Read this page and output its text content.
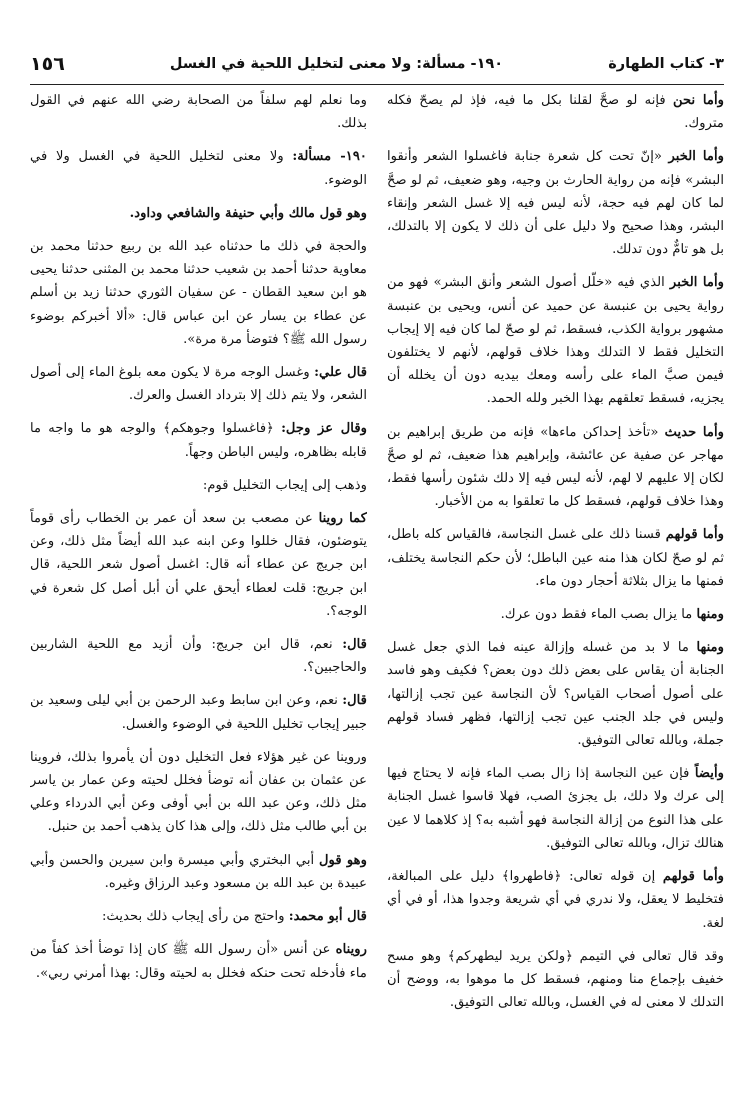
٣- كتاب الطهارة
١٩٠- مسألة: ولا معنى لتخليل اللحية في الغسل
١٥٦

وأما نحن فإنه لو صحَّ لقلنا بكل ما فيه، فإذ لم يصحّ فكله متروك.

وأما الخبر «إنّ تحت كل شعرة جنابة فاغسلوا الشعر وأنقوا البشر» فإنه من رواية الحارث بن وجيه، وهو ضعيف، ثم لو صحَّ لما كان لهم فيه حجة، لأنه ليس فيه إلا غسل الشعر وإنقاء البشر، وهذا صحيح ولا دليل على أن ذلك لا يكون إلا بالتدلك، بل هو تامٌّ دون تدلك.

وأما الخبر الذي فيه «خلّل أصول الشعر وأنق البشر» فهو من رواية يحيى بن عنبسة عن حميد عن أنس، ويحيى بن عنبسة مشهور برواية الكذب، فسقط، ثم لو صحّ لما كان فيه إلا إيجاب التخليل فقط لا التدلك وهذا خلاف قولهم، لأنهم لا يختلفون فيمن صبَّ الماء على رأسه ومعك بيديه دون أن يخلله أن يجزيه، فسقط تعلقهم بهذا الخبر ولله الحمد.

وأما حديث «تأخذ إحداكن ماءها» فإنه من طريق إبراهيم بن مهاجر عن صفية عن عائشة، وإبراهيم هذا ضعيف، ثم لو صحَّ لكان إلا عليهم لا لهم، لأنه ليس فيه إلا دلك شئون رأسها فقط، وهذا خلاف قولهم، فسقط كل ما تعلقوا به من الأخبار.

وأما قولهم قسنا ذلك على غسل النجاسة، فالقياس كله باطل، ثم لو صحّ لكان هذا منه عين الباطل؛ لأن حكم النجاسة يختلف، فمنها ما يزال بثلاثة أحجار دون ماء.

ومنها ما يزال بصب الماء فقط دون عرك.

ومنها ما لا بد من غسله وإزالة عينه فما الذي جعل غسل الجنابة أن يقاس على بعض ذلك دون بعض؟ فكيف وهو فاسد على أصول أصحاب القياس؟ لأن النجاسة عين تجب إزالتها، وليس في جلد الجنب عين تجب إزالتها، فظهر فساد قولهم جملة، وبالله تعالى التوفيق.

وأيضاً فإن عين النجاسة إذا زال بصب الماء فإنه لا يحتاج فيها إلى عرك ولا دلك، بل يجزئ الصب، فهلا قاسوا غسل الجنابة على هذا النوع من إزالة النجاسة فهو أشبه به؟ إذ كلاهما لا عين هنالك تزال، وبالله تعالى التوفيق.

وأما قولهم إن قوله تعالى: ﴿فاطهروا﴾ دليل على المبالغة، فتخليط لا يعقل، ولا ندري في أي شريعة وجدوا هذا، أو في أي لغة.

وقد قال تعالى في التيمم ﴿ولكن يريد ليطهركم﴾ وهو مسح خفيف بإجماع منا ومنهم، فسقط كل ما موهوا به، ووضح أن التدلك لا معنى له في الغسل، وبالله تعالى التوفيق.

وما نعلم لهم سلفاً من الصحابة رضي الله عنهم في القول بذلك.

١٩٠- مسألة: ولا معنى لتخليل اللحية في الغسل ولا في الوضوء.

وهو قول مالك وأبي حنيفة والشافعي وداود.

والحجة في ذلك ما حدثناه عبد الله بن ربيع حدثنا محمد بن معاوية حدثنا أحمد بن شعيب حدثنا محمد بن المثنى حدثنا يحيى هو ابن سعيد القطان - عن سفيان الثوري حدثنا زيد بن أسلم عن عطاء بن يسار عن ابن عباس قال: «ألا أخبركم بوضوء رسول الله ﷺ؟ فتوضأ مرة مرة».

قال علي: وغسل الوجه مرة لا يكون معه بلوغ الماء إلى أصول الشعر، ولا يتم ذلك إلا بترداد الغسل والعرك.

وقال عز وجل: ﴿فاغسلوا وجوهكم﴾ والوجه هو ما واجه ما قابله بظاهره، وليس الباطن وجهاً.

وذهب إلى إيجاب التخليل قوم:

كما روينا عن مصعب بن سعد أن عمر بن الخطاب رأى قوماً يتوضئون، فقال خللوا وعن ابنه عبد الله أيضاً مثل ذلك، وعن ابن جريج عن عطاء أنه قال: اغسل أصول شعر اللحية، قال ابن جريج: قلت لعطاء أيحق علي أن أبل أصل كل شعرة في الوجه؟.

قال: نعم، قال ابن جريج: وأن أزيد مع اللحية الشاربين والحاجبين؟.

قال: نعم، وعن ابن سابط وعبد الرحمن بن أبي ليلى وسعيد بن جبير إيجاب تخليل اللحية في الوضوء والغسل.

وروينا عن غير هؤلاء فعل التخليل دون أن يأمروا بذلك، فروينا عن عثمان بن عفان أنه توضأ فخلل لحيته وعن عمار بن ياسر مثل ذلك، وعن عبد الله بن أبي أوفى وعن أبي الدرداء وعلي بن أبي طالب مثل ذلك، وإلى هذا كان يذهب أحمد بن حنبل.

وهو قول أبي البختري وأبي ميسرة وابن سيرين والحسن وأبي عبيدة بن عبد الله بن مسعود وعبد الرزاق وغيره.

قال أبو محمد: واحتج من رأى إيجاب ذلك بحديث:

رويناه عن أنس «أن رسول الله ﷺ كان إذا توضأ أخذ كفاً من ماء فأدخله تحت حنكه فخلل به لحيته وقال: بهذا أمرني ربي».
